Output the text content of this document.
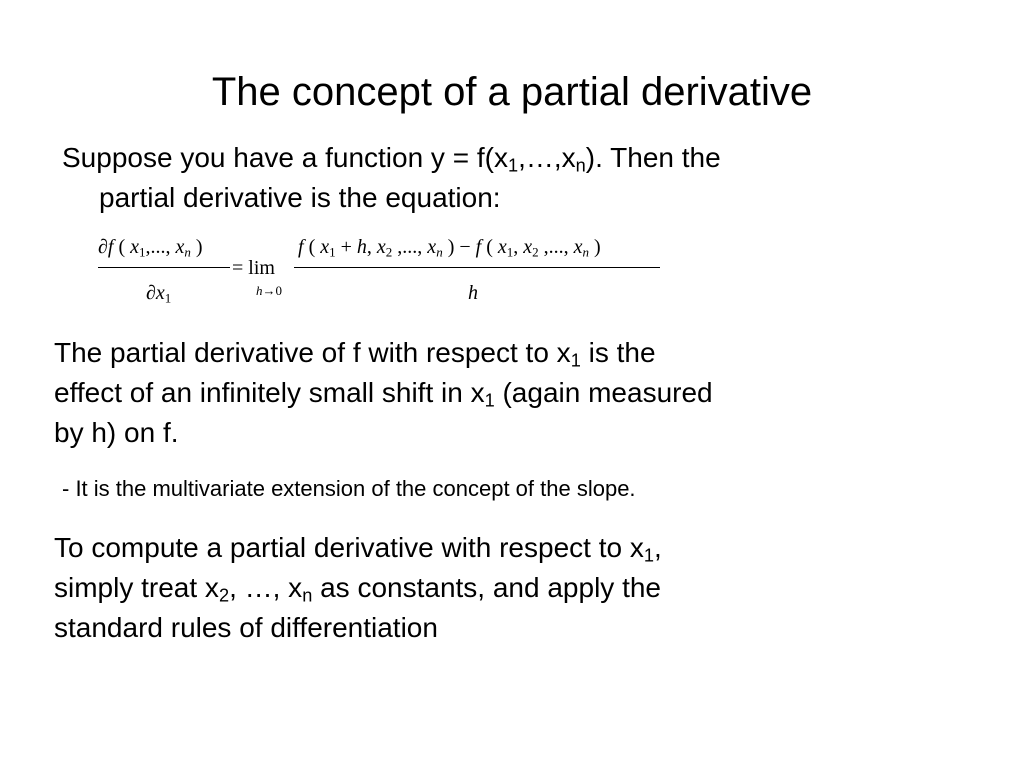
The concept of a partial derivative
Suppose you have a function $y = f(x_1,\dots,x_n)$. Then the
partial derivative is the equation:
∂f ( $x_1$,..., $x_n$ )
$\partial x_1$
= lim
h→0
f ( $x_1 + h$, $x_2$ ,..., $x_n$ ) − f ( $x_1$, $x_2$ ,..., $x_n$ )
h
The partial derivative of f with respect to $x_1$ is the
effect of an infinitely small shift in $x_1$ (again measured
by h) on f.
- It is the multivariate extension of the concept of the slope.
To compute a partial derivative with respect to $x_1$,
simply treat $x_2$, …, $x_n$ as constants, and apply the
standard rules of differentiation
